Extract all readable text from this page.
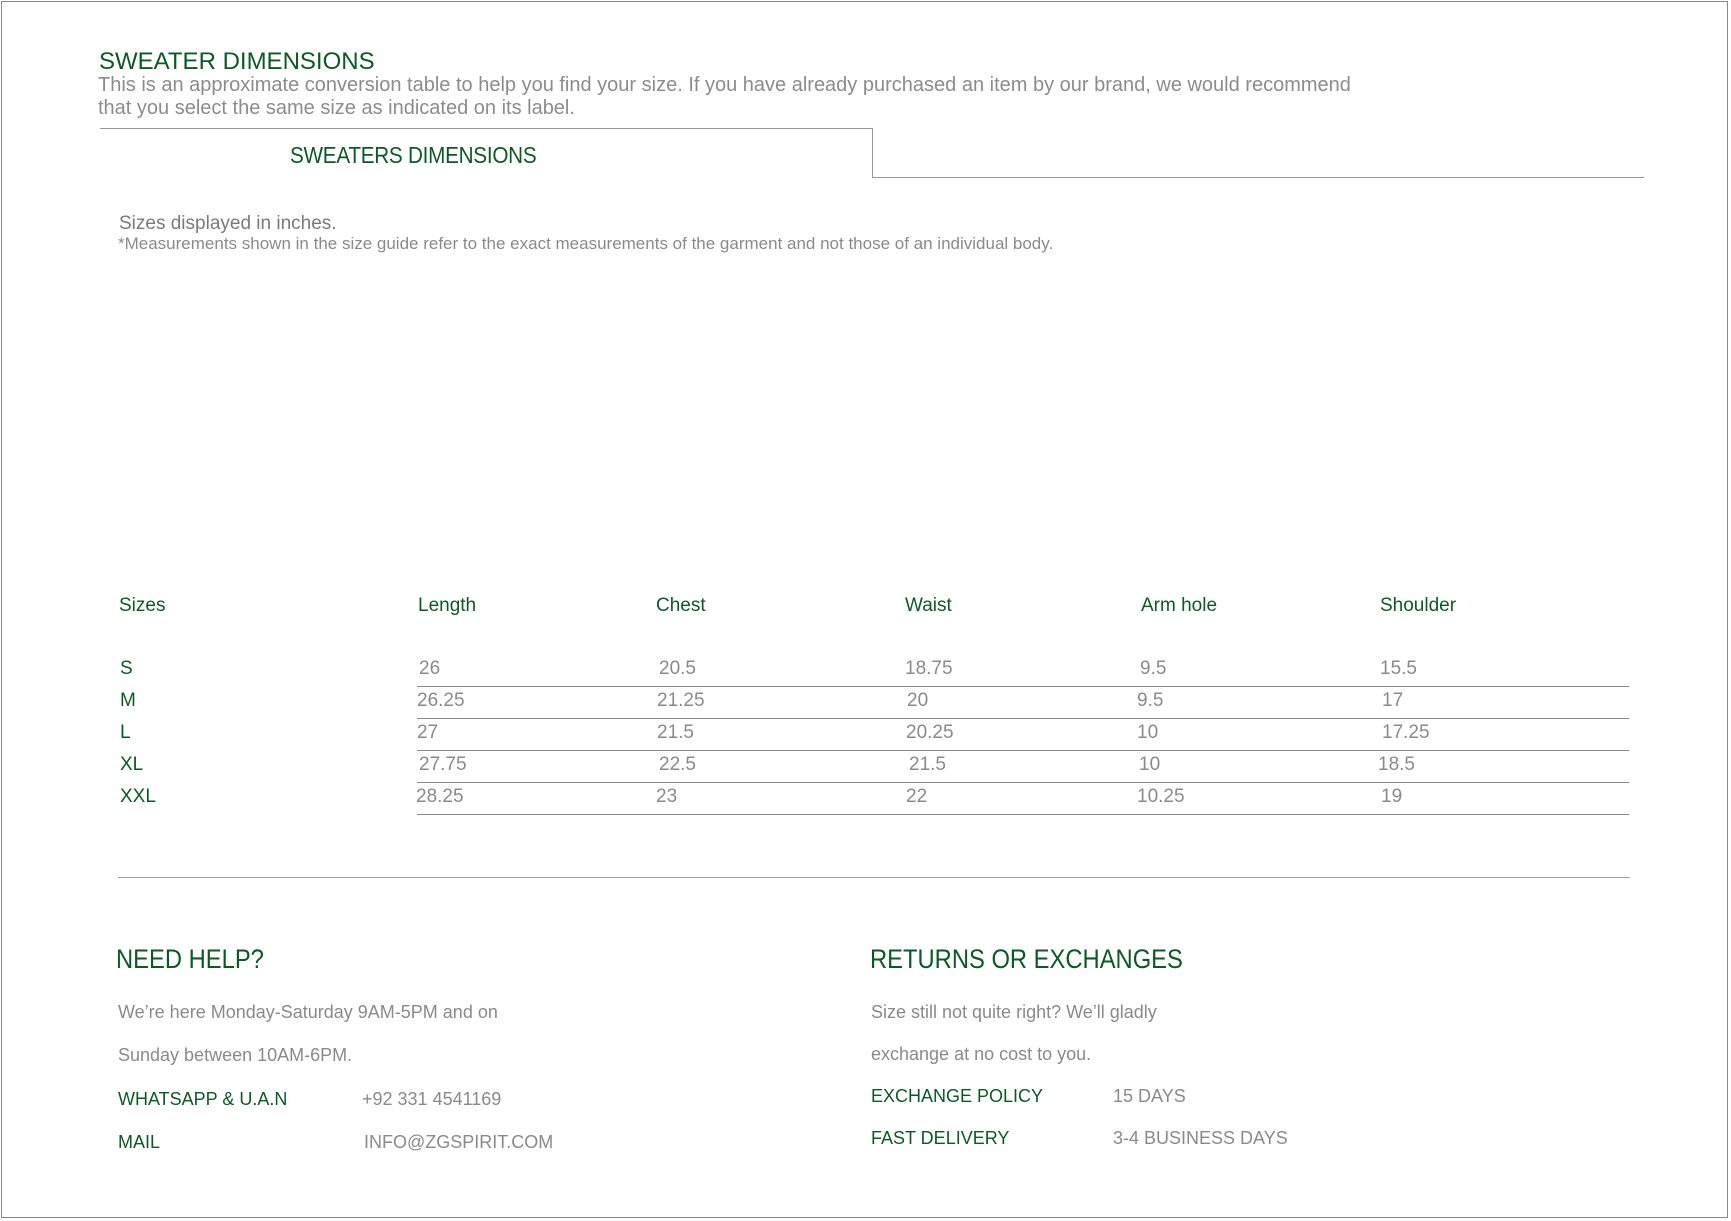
SWEATER DIMENSIONS
This is an approximate conversion table to help you find your size. If you have already purchased an item by our brand, we would recommend
that you select the same size as indicated on its label.
SWEATERS DIMENSIONS
Sizes displayed in inches.
*Measurements shown in the size guide refer to the exact measurements of the garment and not those of an individual body.
Sizes	Length	Chest	Waist	Arm hole	Shoulder
S	26	20.5	18.75	9.5	15.5
M	26.25	21.25	20	9.5	17
L	27	21.5	20.25	10	17.25
XL	27.75	22.5	21.5	10	18.5
XXL	28.25	23	22	10.25	19
NEED HELP?
We’re here Monday-Saturday 9AM-5PM and on
Sunday between 10AM-6PM.
WHATSAPP & U.A.N	+92 331 4541169
MAIL	INFO@ZGSPIRIT.COM
RETURNS OR EXCHANGES
Size still not quite right? We’ll gladly
exchange at no cost to you.
EXCHANGE POLICY	15 DAYS
FAST DELIVERY	3-4 BUSINESS DAYS
